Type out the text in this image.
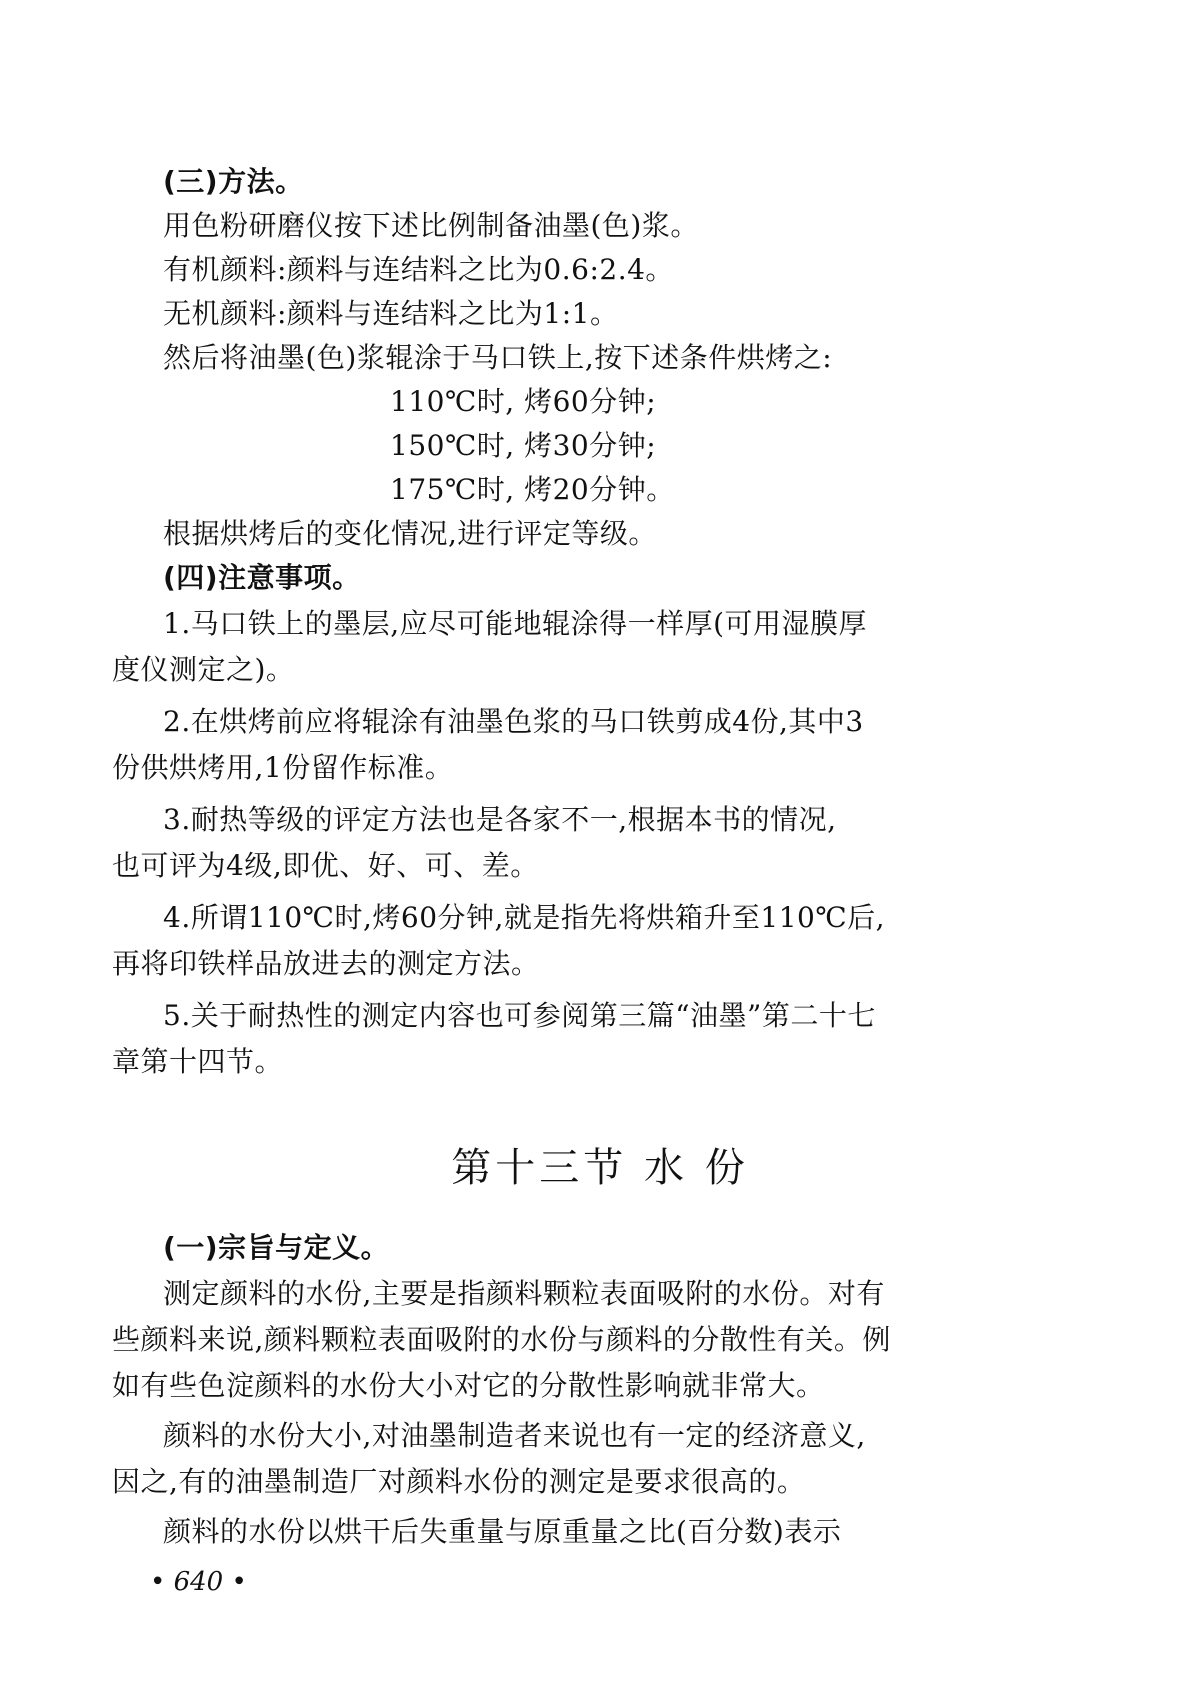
(三)方法。
用色粉研磨仪按下述比例制备油墨(色)浆。
有机颜料:颜料与连结料之比为0.6:2.4。
无机颜料:颜料与连结料之比为1:1。
然后将油墨(色)浆辊涂于马口铁上,按下述条件烘烤之:
110℃时, 烤60分钟;
150℃时, 烤30分钟;
175℃时, 烤20分钟。
根据烘烤后的变化情况,进行评定等级。
(四)注意事项。
1.马口铁上的墨层,应尽可能地辊涂得一样厚(可用湿膜厚
度仪测定之)。
2.在烘烤前应将辊涂有油墨色浆的马口铁剪成4份,其中3
份供烘烤用,1份留作标准。
3.耐热等级的评定方法也是各家不一,根据本书的情况,
也可评为4级,即优、好、可、差。
4.所谓110℃时,烤60分钟,就是指先将烘箱升至110℃后,
再将印铁样品放进去的测定方法。
5.关于耐热性的测定内容也可参阅第三篇“油墨”第二十七
章第十四节。
第十三节 水 份
(一)宗旨与定义。
测定颜料的水份,主要是指颜料颗粒表面吸附的水份。对有
些颜料来说,颜料颗粒表面吸附的水份与颜料的分散性有关。例
如有些色淀颜料的水份大小对它的分散性影响就非常大。
颜料的水份大小,对油墨制造者来说也有一定的经济意义,
因之,有的油墨制造厂对颜料水份的测定是要求很高的。
颜料的水份以烘干后失重量与原重量之比(百分数)表示
• 640 •
